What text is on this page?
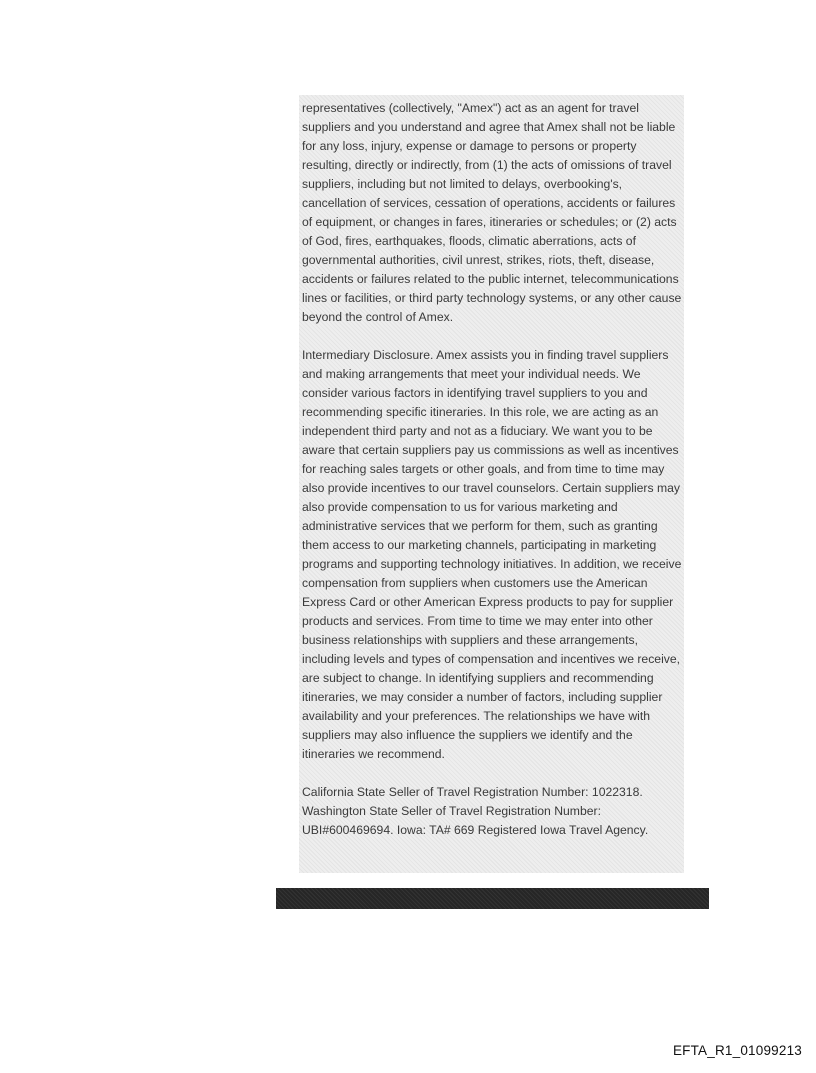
representatives (collectively, "Amex") act as an agent for travel
suppliers and you understand and agree that Amex shall not be liable
for any loss, injury, expense or damage to persons or property
resulting, directly or indirectly, from (1) the acts of omissions of travel
suppliers, including but not limited to delays, overbooking's,
cancellation of services, cessation of operations, accidents or failures
of equipment, or changes in fares, itineraries or schedules; or (2) acts
of God, fires, earthquakes, floods, climatic aberrations, acts of
governmental authorities, civil unrest, strikes, riots, theft, disease,
accidents or failures related to the public internet, telecommunications
lines or facilities, or third party technology systems, or any other cause
beyond the control of Amex.

Intermediary Disclosure. Amex assists you in finding travel suppliers
and making arrangements that meet your individual needs. We
consider various factors in identifying travel suppliers to you and
recommending specific itineraries. In this role, we are acting as an
independent third party and not as a fiduciary. We want you to be
aware that certain suppliers pay us commissions as well as incentives
for reaching sales targets or other goals, and from time to time may
also provide incentives to our travel counselors. Certain suppliers may
also provide compensation to us for various marketing and
administrative services that we perform for them, such as granting
them access to our marketing channels, participating in marketing
programs and supporting technology initiatives. In addition, we receive
compensation from suppliers when customers use the American
Express Card or other American Express products to pay for supplier
products and services. From time to time we may enter into other
business relationships with suppliers and these arrangements,
including levels and types of compensation and incentives we receive,
are subject to change. In identifying suppliers and recommending
itineraries, we may consider a number of factors, including supplier
availability and your preferences. The relationships we have with
suppliers may also influence the suppliers we identify and the
itineraries we recommend.

California State Seller of Travel Registration Number: 1022318.
Washington State Seller of Travel Registration Number:
UBI#600469694. Iowa: TA# 669 Registered Iowa Travel Agency.

EFTA_R1_01099213
